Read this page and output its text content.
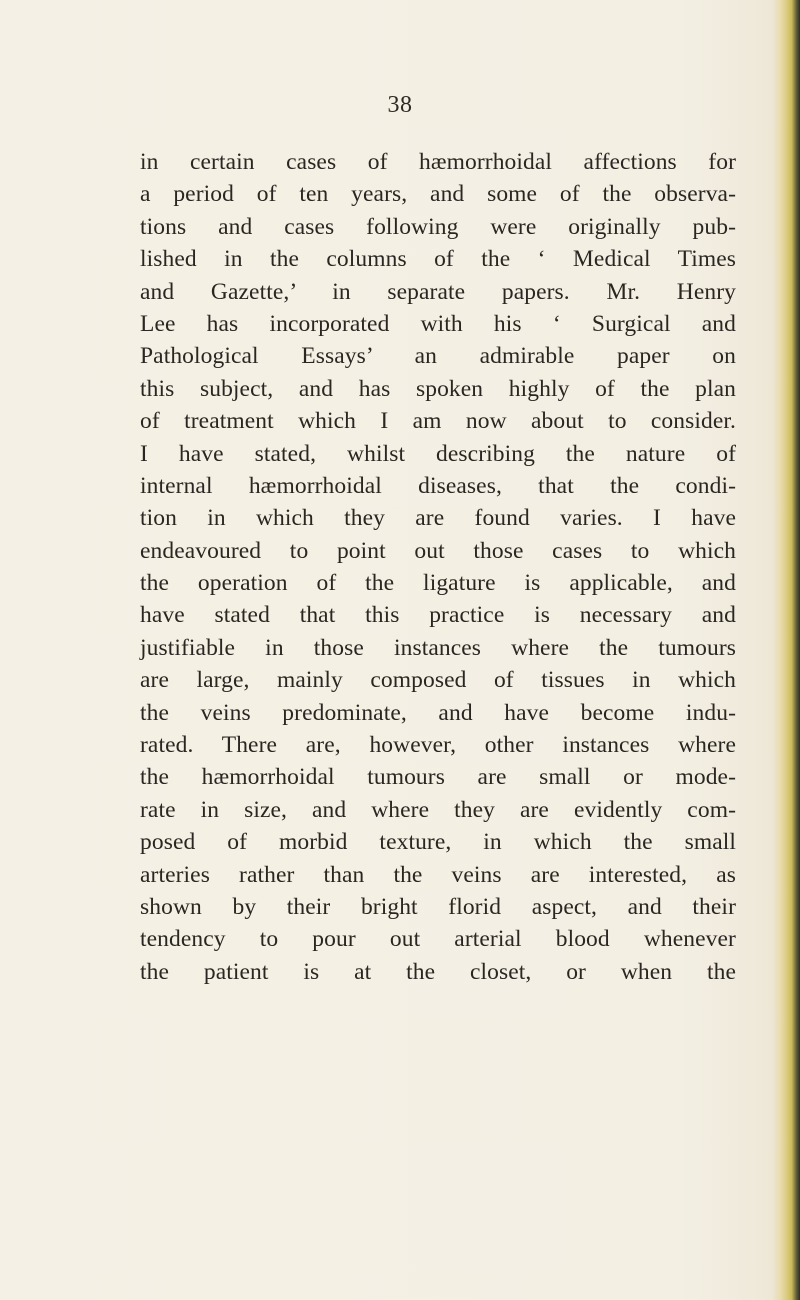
38
in certain cases of hæmorrhoidal affections for
a period of ten years, and some of the observa-
tions and cases following were originally pub-
lished in the columns of the ‘ Medical Times
and Gazette,’ in separate papers. Mr. Henry
Lee has incorporated with his ‘ Surgical and
Pathological Essays’ an admirable paper on
this subject, and has spoken highly of the plan
of treatment which I am now about to consider.
I have stated, whilst describing the nature of
internal hæmorrhoidal diseases, that the condi-
tion in which they are found varies. I have
endeavoured to point out those cases to which
the operation of the ligature is applicable, and
have stated that this practice is necessary and
justifiable in those instances where the tumours
are large, mainly composed of tissues in which
the veins predominate, and have become indu-
rated. There are, however, other instances where
the hæmorrhoidal tumours are small or mode-
rate in size, and where they are evidently com-
posed of morbid texture, in which the small
arteries rather than the veins are interested, as
shown by their bright florid aspect, and their
tendency to pour out arterial blood whenever
the patient is at the closet, or when the
